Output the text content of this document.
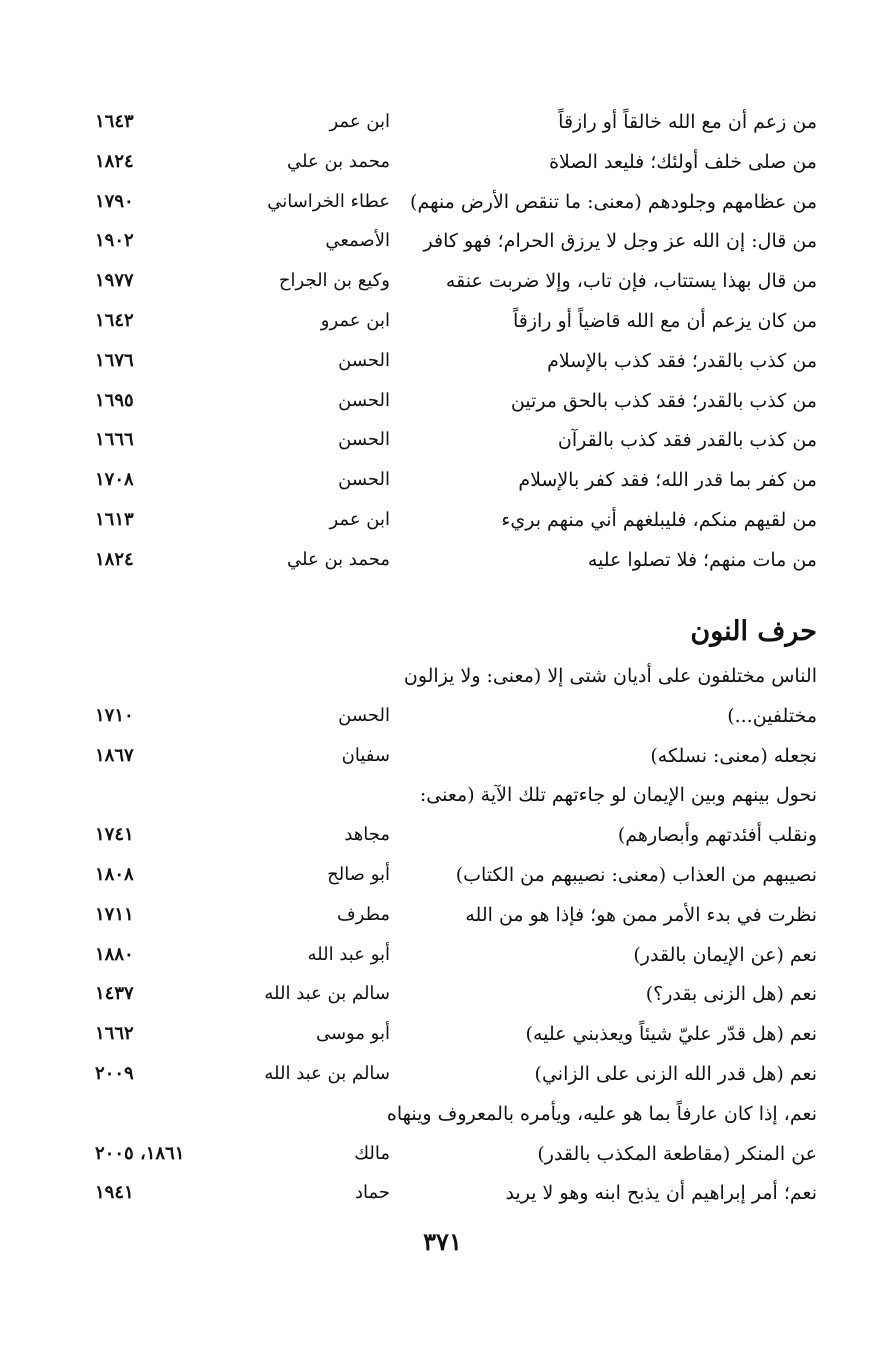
من زعم أن مع الله خالقاً أو رازقاً
ابن عمر
١٦٤٣
من صلى خلف أولئك؛ فليعد الصلاة
محمد بن علي
١٨٢٤
من عظامهم وجلودهم (معنى: ما تنقص الأرض منهم)
عطاء الخراساني
١٧٩٠
من قال: إن الله عز وجل لا يرزق الحرام؛ فهو كافر
الأصمعي
١٩٠٢
من قال بهذا يستتاب، فإن تاب، وإلا ضربت عنقه
وكيع بن الجراح
١٩٧٧
من كان يزعم أن مع الله قاضياً أو رازقاً
ابن عمرو
١٦٤٢
من كذب بالقدر؛ فقد كذب بالإسلام
الحسن
١٦٧٦
من كذب بالقدر؛ فقد كذب بالحق مرتين
الحسن
١٦٩٥
من كذب بالقدر فقد كذب بالقرآن
الحسن
١٦٦٦
من كفر بما قدر الله؛ فقد كفر بالإسلام
الحسن
١٧٠٨
من لقيهم منكم، فليبلغهم أني منهم بريء
ابن عمر
١٦١٣
من مات منهم؛ فلا تصلوا عليه
محمد بن علي
١٨٢٤
حرف النون
الناس مختلفون على أديان شتى إلا (معنى: ولا يزالون
مختلفين...)
الحسن
١٧١٠
نجعله (معنى: نسلكه)
سفيان
١٨٦٧
نحول بينهم وبين الإيمان لو جاءتهم تلك الآية (معنى:
ونقلب أفئدتهم وأبصارهم)
مجاهد
١٧٤١
نصيبهم من العذاب (معنى: نصيبهم من الكتاب)
أبو صالح
١٨٠٨
نظرت في بدء الأمر ممن هو؛ فإذا هو من الله
مطرف
١٧١١
نعم (عن الإيمان بالقدر)
أبو عبد الله
١٨٨٠
نعم (هل الزنى بقدر؟)
سالم بن عبد الله
١٤٣٧
نعم (هل قدّر عليّ شيئاً ويعذبني عليه)
أبو موسى
١٦٦٢
نعم (هل قدر الله الزنى على الزاني)
سالم بن عبد الله
٢٠٠٩
نعم، إذا كان عارفاً بما هو عليه، ويأمره بالمعروف وينهاه
عن المنكر (مقاطعة المكذب بالقدر)
مالك
١٨٦١، ٢٠٠٥
نعم؛ أمر إبراهيم أن يذبح ابنه وهو لا يريد
حماد
١٩٤١
٣٧١
